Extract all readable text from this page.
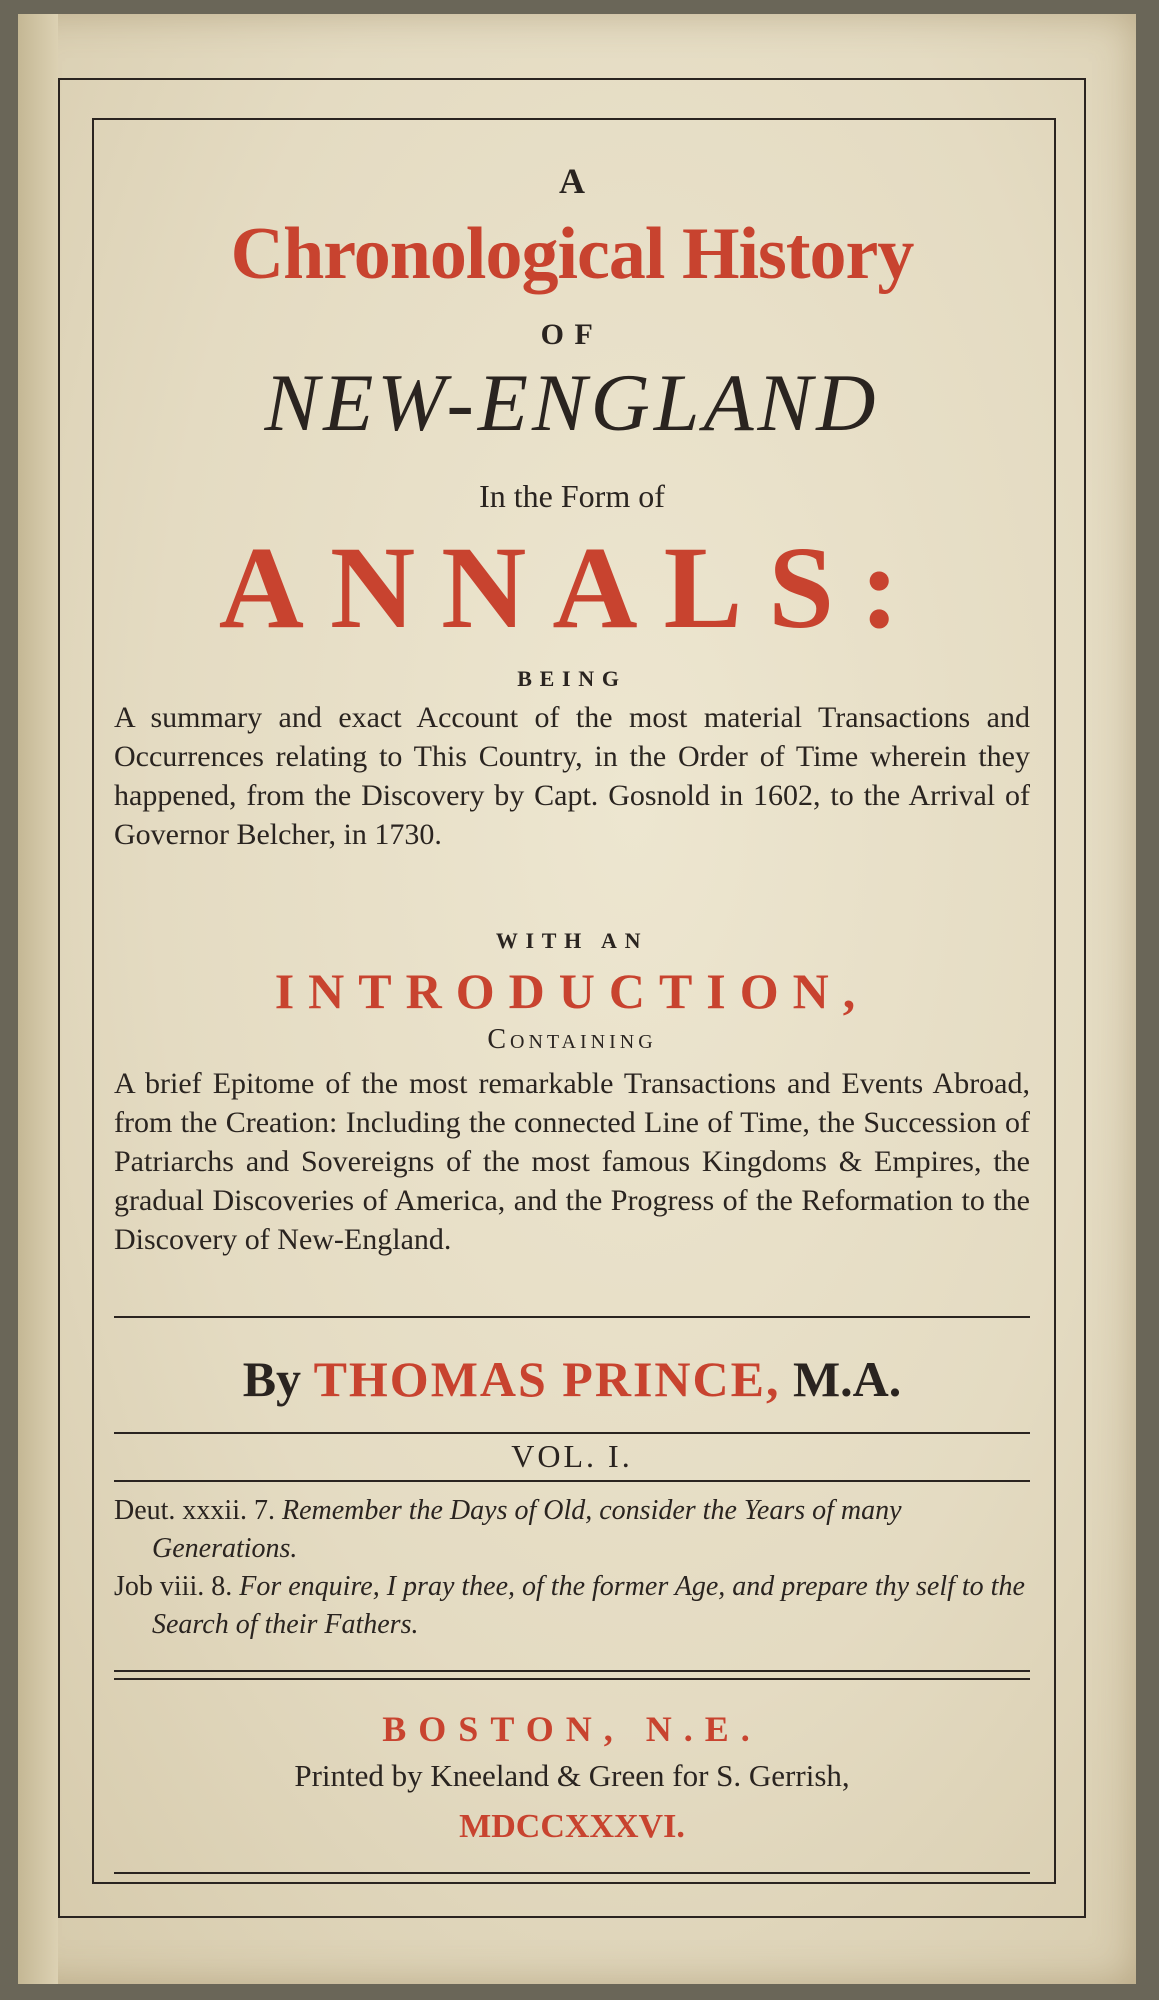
A
Chronological History
OF
NEW-ENGLAND
In the Form of
ANNALS:
BEING
A summary and exact Account of the most material Transactions and Occurrences relating to This Country, in the Order of Time wherein they happened, from the Discovery by Capt. Gosnold in 1602, to the Arrival of Governor Belcher, in 1730.
WITH AN
INTRODUCTION,
Containing
A brief Epitome of the most remarkable Transactions and Events Abroad, from the Creation: Including the connected Line of Time, the Succession of Patriarchs and Sovereigns of the most famous Kingdoms & Empires, the gradual Discoveries of America, and the Progress of the Reformation to the Discovery of New-England.
By THOMAS PRINCE, M.A.
VOL. I.
Deut. xxxii. 7. Remember the Days of Old, consider the Years of many Generations.
Job viii. 8. For enquire, I pray thee, of the former Age, and prepare thy self to the Search of their Fathers.
BOSTON, N.E.
Printed by Kneeland & Green for S. Gerrish,
MDCCXXXVI.
